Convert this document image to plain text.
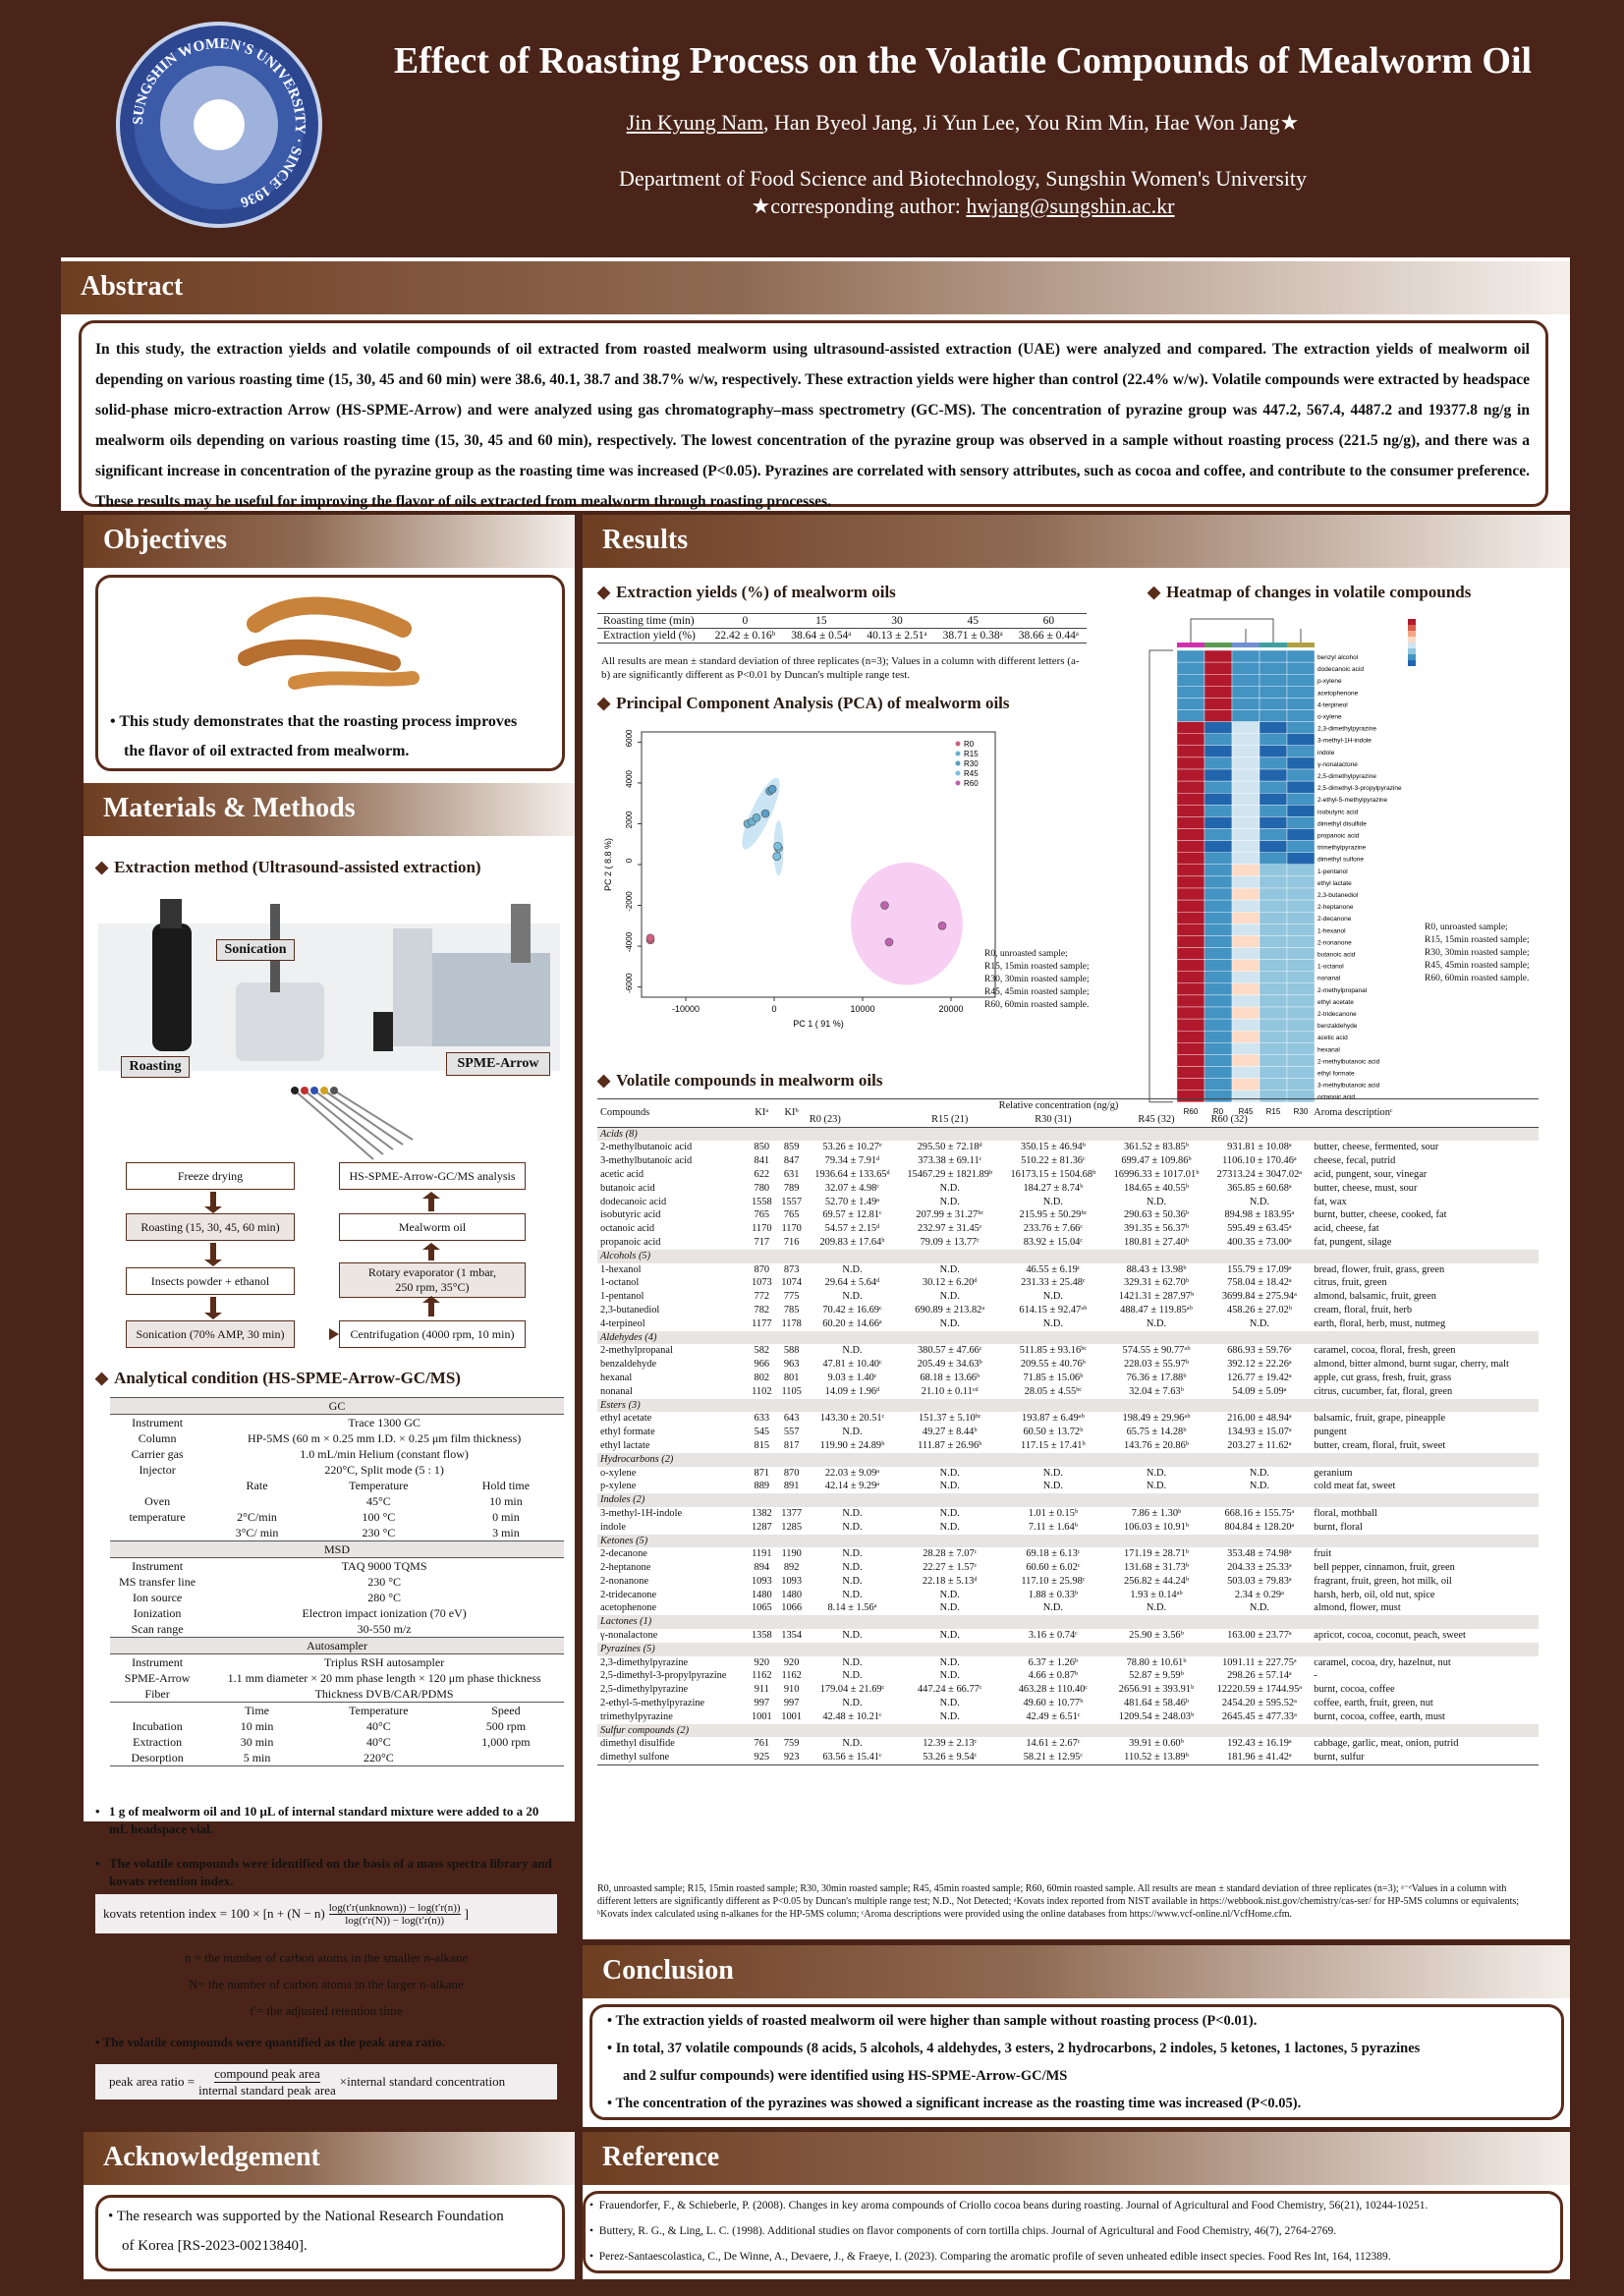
SUNGSHIN WOMEN'S UNIVERSITY · SINCE 1936
Effect of Roasting Process on the Volatile Compounds of Mealworm Oil
Jin Kyung Nam, Han Byeol Jang, Ji Yun Lee, You Rim Min, Hae Won Jang★
Department of Food Science and Biotechnology, Sungshin Women's University
★corresponding author: hwjang@sungshin.ac.kr
Abstract
In this study, the extraction yields and volatile compounds of oil extracted from roasted mealworm using ultrasound-assisted extraction (UAE) were analyzed and compared. The extraction yields of mealworm oil depending on various roasting time (15, 30, 45 and 60 min) were 38.6, 40.1, 38.7 and 38.7% w/w, respectively. These extraction yields were higher than control (22.4% w/w). Volatile compounds were extracted by headspace solid-phase micro-extraction Arrow (HS-SPME-Arrow) and were analyzed using gas chromatography–mass spectrometry (GC-MS). The concentration of pyrazine group was 447.2, 567.4, 4487.2 and 19377.8 ng/g in mealworm oils depending on various roasting time (15, 30, 45 and 60 min), respectively. The lowest concentration of the pyrazine group was observed in a sample without roasting process (221.5 ng/g), and there was a significant increase in concentration of the pyrazine group as the roasting time was increased (P<0.05). Pyrazines are correlated with sensory attributes, such as cocoa and coffee, and contribute to the consumer preference. These results may be useful for improving the flavor of oils extracted from mealworm through roasting processes.
Objectives
• This study demonstrates that the roasting process improves
the flavor of oil extracted from mealworm.
Materials & Methods
◆ Extraction method (Ultrasound-assisted extraction)
Sonication
Roasting	SPME-Arrow
Freeze drying
Roasting (15, 30, 45, 60 min)
Insects powder + ethanol
Sonication (70% AMP, 30 min)
HS-SPME-Arrow-GC/MS analysis
Mealworm oil
Rotary evaporator (1 mbar, 250 rpm, 35°C)
Centrifugation (4000 rpm, 10 min)
◆ Analytical condition (HS-SPME-Arrow-GC/MS)
GC			
Instrument	Trace 1300 GC		
Column	HP-5MS (60 m × 0.25 mm I.D. × 0.25 μm film thickness)		
Carrier gas	1.0 mL/min Helium (constant flow)		
Injector	220°C, Split mode (5 : 1)		
	Rate	Temperature	Hold time
Oven		45°C	10 min
temperature	2°C/min	100 °C	0 min
	3°C/ min	230 °C	3 min
MSD			
Instrument	TAQ 9000 TQMS		
MS transfer line	230 °C		
Ion source	280 °C		
Ionization	Electron impact ionization (70 eV)		
Scan range	30-550 m/z		
Autosampler			
Instrument	Triplus RSH autosampler		
SPME-Arrow	1.1 mm diameter × 20 mm phase length × 120 μm phase thickness		
Fiber	Thickness DVB/CAR/PDMS		
	Time	Temperature	Speed
Incubation	10 min	40°C	500 rpm
Extraction	30 min	40°C	1,000 rpm
Desorption	5 min	220°C	
• 1 g of mealworm oil and 10 μL of internal standard mixture were added to a 20 mL headspace vial.
• The volatile compounds were identified on the basis of a mass spectra library and kovats retention index.
kovats retention index = 100 × [n + (N − n) log(t′r(unknown)) − log(t′r(n))
log(t′r(N)) − log(t′r(n)) ]
n = the number of carbon atoms in the smaller n-alkane
N= the number of carbon atoms in the larger n-alkane
t′= the adjusted retention time
• The volatile compounds were quantified as the peak area ratio.
peak area ratio =
compound peak area
internal standard peak area
×internal standard concentration
Acknowledgement
• The research was supported by the National Research Foundation
of Korea [RS-2023-00213840].
Results
◆ Extraction yields (%) of mealworm oils
Roasting time (min)	0	15	30	45	60
Extraction yield (%)	22.42 ± 0.16ᵇ	38.64 ± 0.54ᵃ	40.13 ± 2.51ᵃ	38.71 ± 0.38ᵃ	38.66 ± 0.44ᵃ
All results are mean ± standard deviation of three replicates (n=3); Values in a column with different letters (a-b) are significantly different as P<0.01 by Duncan's multiple range test.
◆ Principal Component Analysis (PCA) of mealworm oils
-10000	0	10000	20000
6000
4000
2000
0
-2000
-4000
-6000
PC 1 ( 91 %)
PC 2 ( 8.8 %)
R0
R15
R30
R45
R60
R0, unroasted sample;
R15, 15min roasted sample;
R30, 30min roasted sample;
R45, 45min roasted sample;
R60, 60min roasted sample.
◆ Heatmap of changes in volatile compounds
benzyl alcohol
dodecanoic acid
p-xylene
acetophenone
4-terpineol
o-xylene
2,3-dimethylpyrazine
3-methyl-1H-indole
indole
γ-nonalactone
2,5-dimethylpyrazine
2,5-dimethyl-3-propylpyrazine
2-ethyl-5-methylpyrazine
isobutyric acid
dimethyl disulfide
propanoic acid
trimethylpyrazine
dimethyl sulfone
1-pentanol
ethyl lactate
2,3-butanediol
2-heptanone
2-decanone
1-hexanol
2-nonanone
butanoic acid
1-octanol
nonanal
2-methylpropanal
ethyl acetate
2-tridecanone
benzaldehyde
acetic acid
hexanal
2-methylbutanoic acid
ethyl formate
3-methylbutanoic acid
octanoic acid
R60 R0 R45 R15 R30
R0, unroasted sample;
R15, 15min roasted sample;
R30, 30min roasted sample;
R45, 45min roasted sample;
R60, 60min roasted sample.
◆ Volatile compounds in mealworm oils
Compounds	KIᵃ	KIᵇ	Relative concentration (ng/g)					Aroma descriptionᶜ
			R0 (23)	R15 (21)	R30 (31)	R45 (32)	R60 (32)	
Acids (8)								
2-methylbutanoic acid	850	859	53.26 ± 10.27ᵉ	295.50 ± 72.18ᵈ	350.15 ± 46.94ᵇ	361.52 ± 83.85ᵇ	931.81 ± 10.08ᵃ	butter, cheese, fermented, sour
3-methylbutanoic acid	841	847	79.34 ± 7.91ᵈ	373.38 ± 69.11ᶜ	510.22 ± 81.36ᶜ	699.47 ± 109.86ᵇ	1106.10 ± 170.46ᵃ	cheese, fecal, putrid
acetic acid	622	631	1936.64 ± 133.65ᵈ	15467.29 ± 1821.89ᵇ	16173.15 ± 1504.68ᵇ	16996.33 ± 1017.01ᵇ	27313.24 ± 3047.02ᵃ	acid, pungent, sour, vinegar
butanoic acid	780	789	32.07 ± 4.98ᶜ	N.D.	184.27 ± 8.74ᵇ	184.65 ± 40.55ᵇ	365.85 ± 60.68ᵃ	butter, cheese, must, sour
dodecanoic acid	1558	1557	52.70 ± 1.49ᵃ	N.D.	N.D.	N.D.	N.D.	fat, wax
isobutyric acid	765	765	69.57 ± 12.81ᶜ	207.99 ± 31.27ᵇᶜ	215.95 ± 50.29ᵇᶜ	290.63 ± 50.36ᵇ	894.98 ± 183.95ᵃ	burnt, butter, cheese, cooked, fat
octanoic acid	1170	1170	54.57 ± 2.15ᵈ	232.97 ± 31.45ᶜ	233.76 ± 7.66ᶜ	391.35 ± 56.37ᵇ	595.49 ± 63.45ᵃ	acid, cheese, fat
propanoic acid	717	716	209.83 ± 17.64ᵇ	79.09 ± 13.77ᶜ	83.92 ± 15.04ᶜ	180.81 ± 27.40ᵇ	400.35 ± 73.00ᵃ	fat, pungent, silage
Alcohols (5)								
1-hexanol	870	873	N.D.	N.D.	46.55 ± 6.19ᶜ	88.43 ± 13.98ᵇ	155.79 ± 17.09ᵃ	bread, flower, fruit, grass, green
1-octanol	1073	1074	29.64 ± 5.64ᵈ	30.12 ± 6.20ᵈ	231.33 ± 25.48ᶜ	329.31 ± 62.70ᵇ	758.04 ± 18.42ᵃ	citrus, fruit, green
1-pentanol	772	775	N.D.	N.D.	N.D.	1421.31 ± 287.97ᵇ	3699.84 ± 275.94ᵃ	almond, balsamic, fruit, green
2,3-butanediol	782	785	70.42 ± 16.69ᶜ	690.89 ± 213.82ᵃ	614.15 ± 92.47ᵃᵇ	488.47 ± 119.85ᵃᵇ	458.26 ± 27.02ᵇ	cream, floral, fruit, herb
4-terpineol	1177	1178	60.20 ± 14.66ᵃ	N.D.	N.D.	N.D.	N.D.	earth, floral, herb, must, nutmeg
Aldehydes (4)								
2-methylpropanal	582	588	N.D.	380.57 ± 47.66ᶜ	511.85 ± 93.16ᵇᶜ	574.55 ± 90.77ᵃᵇ	686.93 ± 59.76ᵃ	caramel, cocoa, floral, fresh, green
benzaldehyde	966	963	47.81 ± 10.40ᶜ	205.49 ± 34.63ᵇ	209.55 ± 40.76ᵇ	228.03 ± 55.97ᵇ	392.12 ± 22.26ᵃ	almond, bitter almond, burnt sugar, cherry, malt
hexanal	802	801	9.03 ± 1.40ᶜ	68.18 ± 13.66ᵇ	71.85 ± 15.06ᵇ	76.36 ± 17.88ᵇ	126.77 ± 19.42ᵃ	apple, cut grass, fresh, fruit, grass
nonanal	1102	1105	14.09 ± 1.96ᵈ	21.10 ± 0.11ᶜᵈ	28.05 ± 4.55ᵇᶜ	32.04 ± 7.63ᵇ	54.09 ± 5.09ᵃ	citrus, cucumber, fat, floral, green
Esters (3)								
ethyl acetate	633	643	143.30 ± 20.51ᶜ	151.37 ± 5.10ᵇᶜ	193.87 ± 6.49ᵃᵇ	198.49 ± 29.96ᵃᵇ	216.00 ± 48.94ᵃ	balsamic, fruit, grape, pineapple
ethyl formate	545	557	N.D.	49.27 ± 8.44ᵇ	60.50 ± 13.72ᵇ	65.75 ± 14.28ᵇ	134.93 ± 15.07ᵃ	pungent
ethyl lactate	815	817	119.90 ± 24.89ᵇ	111.87 ± 26.96ᵇ	117.15 ± 17.41ᵇ	143.76 ± 20.86ᵇ	203.27 ± 11.62ᵃ	butter, cream, floral, fruit, sweet
Hydrocarbons (2)								
o-xylene	871	870	22.03 ± 9.09ᵃ	N.D.	N.D.	N.D.	N.D.	geranium
p-xylene	889	891	42.14 ± 9.29ᵃ	N.D.	N.D.	N.D.	N.D.	cold meat fat, sweet
Indoles (2)								
3-methyl-1H-indole	1382	1377	N.D.	N.D.	1.01 ± 0.15ᵇ	7.86 ± 1.30ᵇ	668.16 ± 155.75ᵃ	floral, mothball
indole	1287	1285	N.D.	N.D.	7.11 ± 1.64ᵇ	106.03 ± 10.91ᵇ	804.84 ± 128.20ᵃ	burnt, floral
Ketones (5)								
2-decanone	1191	1190	N.D.	28.28 ± 7.07ᶜ	69.18 ± 6.13ᶜ	171.19 ± 28.71ᵇ	353.48 ± 74.98ᵃ	fruit
2-heptanone	894	892	N.D.	22.27 ± 1.57ᶜ	60.60 ± 6.02ᶜ	131.68 ± 31.73ᵇ	204.33 ± 25.33ᵃ	bell pepper, cinnamon, fruit, green
2-nonanone	1093	1093	N.D.	22.18 ± 5.13ᵈ	117.10 ± 25.98ᶜ	256.82 ± 44.24ᵇ	503.03 ± 79.83ᵃ	fragrant, fruit, green, hot milk, oil
2-tridecanone	1480	1480	N.D.	N.D.	1.88 ± 0.33ᵇ	1.93 ± 0.14ᵃᵇ	2.34 ± 0.29ᵃ	harsh, herb, oil, old nut, spice
acetophenone	1065	1066	8.14 ± 1.56ᵃ	N.D.	N.D.	N.D.	N.D.	almond, flower, must
Lactones (1)								
γ-nonalactone	1358	1354	N.D.	N.D.	3.16 ± 0.74ᶜ	25.90 ± 3.56ᵇ	163.00 ± 23.77ᵃ	apricot, cocoa, coconut, peach, sweet
Pyrazines (5)								
2,3-dimethylpyrazine	920	920	N.D.	N.D.	6.37 ± 1.26ᵇ	78.80 ± 10.61ᵇ	1091.11 ± 227.75ᵃ	caramel, cocoa, dry, hazelnut, nut
2,5-dimethyl-3-propylpyrazine	1162	1162	N.D.	N.D.	4.66 ± 0.87ᵇ	52.87 ± 9.59ᵇ	298.26 ± 57.14ᵃ	-
2,5-dimethylpyrazine	911	910	179.04 ± 21.69ᶜ	447.24 ± 66.77ᶜ	463.28 ± 110.40ᶜ	2656.91 ± 393.91ᵇ	12220.59 ± 1744.95ᵃ	burnt, cocoa, coffee
2-ethyl-5-methylpyrazine	997	997	N.D.	N.D.	49.60 ± 10.77ᵇ	481.64 ± 58.46ᵇ	2454.20 ± 595.52ᵃ	coffee, earth, fruit, green, nut
trimethylpyrazine	1001	1001	42.48 ± 10.21ᶜ	N.D.	42.49 ± 6.51ᶜ	1209.54 ± 248.03ᵇ	2645.45 ± 477.33ᵃ	burnt, cocoa, coffee, earth, must
Sulfur compounds (2)								
dimethyl disulfide	761	759	N.D.	12.39 ± 2.13ᶜ	14.61 ± 2.67ᶜ	39.91 ± 0.60ᵇ	192.43 ± 16.19ᵃ	cabbage, garlic, meat, onion, putrid
dimethyl sulfone	925	923	63.56 ± 15.41ᶜ	53.26 ± 9.54ᶜ	58.21 ± 12.95ᶜ	110.52 ± 13.89ᵇ	181.96 ± 41.42ᵃ	burnt, sulfur
R0, unroasted sample; R15, 15min roasted sample; R30, 30min roasted sample; R45, 45min roasted sample; R60, 60min roasted sample. All results are mean ± standard deviation of three replicates (n=3); ᵃ⁻ᵉValues in a column with different letters are significantly different as P<0.05 by Duncan's multiple range test; N.D., Not Detected; ᵃKovats index reported from NIST available in https://webbook.nist.gov/chemistry/cas-ser/ for HP-5MS columns or equivalents; ᵇKovats index calculated using n-alkanes for the HP-5MS column; ᶜAroma descriptions were provided using the online databases from https://www.vcf-online.nl/VcfHome.cfm.
Conclusion
• The extraction yields of roasted mealworm oil were higher than sample without roasting process (P<0.01).
• In total, 37 volatile compounds (8 acids, 5 alcohols, 4 aldehydes, 3 esters, 2 hydrocarbons, 2 indoles, 5 ketones, 1 lactones, 5 pyrazines
and 2 sulfur compounds) were identified using HS-SPME-Arrow-GC/MS
• The concentration of the pyrazines was showed a significant increase as the roasting time was increased (P<0.05).
Reference
•  Frauendorfer, F., & Schieberle, P. (2008). Changes in key aroma compounds of Criollo cocoa beans during roasting. Journal of Agricultural and Food Chemistry, 56(21), 10244-10251.
•  Buttery, R. G., & Ling, L. C. (1998). Additional studies on flavor components of corn tortilla chips. Journal of Agricultural and Food Chemistry, 46(7), 2764-2769.
•  Perez-Santaescolastica, C., De Winne, A., Devaere, J., & Fraeye, I. (2023). Comparing the aromatic profile of seven unheated edible insect species. Food Res Int, 164, 112389.
